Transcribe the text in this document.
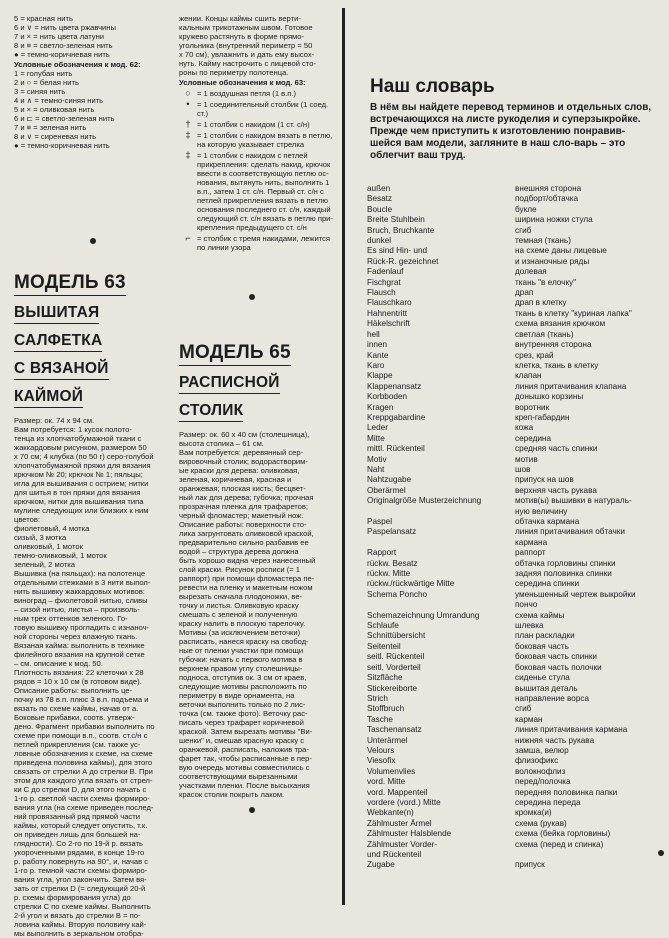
5 = красная нить
6 и ∨ = нить цвета ржавчины
7 и × = нить цвета латуни
8 и ≡ = светло-зеленая нить
● = темно-коричневая нить
Условные обозначения к мод. 62:
1 = голубая нить
2 и ○ = белая нить
3 = синяя нить
4 и ∧ = темно-синяя нить
5 и × = оливковая нить
6 и ⊏ = светло-зеленая нить
7 и ≡ = зеленая нить
8 и ∨ = сиреневая нить
● = темно-коричневая нить
МОДЕЛЬ 63
ВЫШИТАЯ
САЛФЕТКА
С ВЯЗАНОЙ
КАЙМОЙ
Размер: ок. 74 х 94 см.
Вам потребуется: 1 кусок полото-
тенца из хлопчатобумажной ткани с
жаккардовым рисунком, размером 50
х 70 см; 4 клубка (по 50 г) серо-голубой
хлопчатобумажной пряжи для вязания
крючком № 20; крючок № 1; пяльцы;
игла для вышивания с острием; нитки
для шитья в тон пряжи для вязания
крючком, нитки для вышивания типа
мулине следующих или близких к ним
цветов:
фиолетовый, 4 мотка
сизый, 3 мотка
оливковый, 1 моток
темно-оливковый, 1 моток
зеленый, 2 мотка
Вышивка (на пяльцах): на полотенце
отдельными стежками в 3 нити выпол-
нить вышивку жаккардовых мотивов:
виноград – фиолетовой нитью, сливы
– сизой нитью, листья – произволь-
ным трех оттенков зеленого. Го-
товую вышивку прогладить с изнаноч-
ной стороны через влажную ткань.
Вязаная кайма: выполнить в технике
филейного вязания на крупной сетке
– см. описание к мод. 50.
Плотность вязания: 22 клеточки х 28
рядов = 10 х 10 см (в готовом виде).
Описание работы: выполнить це-
почку из 78 в.п. плюс 3 в.п. подъема и
вязать по схеме каймы, начав от а.
Боковые прибавки, соотв. утверж-
дено. Фрагмент прибавки выполнить по
схеме при помощи в.п., соотв. ст.с/н с
петлей прикрепления (см. также ус-
ловные обозначения к схеме, на схеме
приведена половина каймы), для этого
связать от стрелки А до стрелки В. При
этом для каждого угла вязать от стрел-
ки С до стрелки D, для этого начать с
1-го р. светлой части схемы формиро-
вания угла (на схеме приведен послед-
ний провязанный ряд прямой части
каймы, который следует опустить, т.к.
он приведен лишь для большей на-
глядности). Со 2-го по 19-й р. вязать
укороченными рядами, в конце 19-го
р. работу повернуть на 90°, и, начав с
1-го р. темной части схемы формиро-
вания угла, угол закончить. Затем вя-
зать от стрелки D (= следующий 20-й
р. схемы формирования угла) до
стрелки С по схеме каймы. Выполнить
2-й угол и вязать до стрелки В = по-
ловина каймы. Вторую половину кай-
мы выполнить в зеркальном отобра-
жении. Концы каймы сшить верти-
кальным трикотажным швом. Готовое
кружево растянуть в форме прямо-
угольника (внутренний периметр = 50
х 70 см), увлажнить и дать ему высох-
нуть. Кайму настрочить с лицевой сто-
роны по периметру полотенца.
Условные обозначения к мод. 63:
○ = 1 воздушная петля (1 в.п.)
• = 1 соединительный столбик (1 соед. ст.)
† = 1 столбик с накидом (1 ст. с/н)
‡ = 1 столбик с накидом вязать в петлю, на которую указывает стрелка
‡ = 1 столбик с накидом с петлей прикрепления: сделать накид, крючок ввести в соответствующую петлю ос-нования, вытянуть нить, выполнить 1 в.п., затем 1 ст. с/н. Первый ст. с/н с петлей прикрепления вязать в петлю основания последнего ст. с/н, каждый следующий ст. с/н вязать в петлю при-крепления предыдущего ст. с/н
⌐ = столбик с тремя накидами, лежится по линии узора
МОДЕЛЬ 65
РАСПИСНОЙ
СТОЛИК
Размер: ок. 60 х 40 см (столешница),
высота столика – 61 см.
Вам потребуется: деревянный сер-
вировочный столик; водорастворим-
ые краски для дерева: оливковая,
зеленая, коричневая, красная и
оранжевая; плоская кисть; бесцвет-
ный лак для дерева; губочка; прочная
прозрачная пленка для трафаретов;
черный фломастер; макетный нож.
Описание работы: поверхности сто-
лика загрунтовать оливковой краской,
предварительно сильно разбавив ее
водой – структура дерева должна
быть хорошо видна через нанесенный
слой краски. Рисунок росписи (= 1
раппорт) при помощи фломастера пе-
ревести на пленку и макетным ножом
вырезать сначала плодоножки, ве-
точку и листья. Оливковую краску
смешать с зеленой и полученную
краску налить в плоскую тарелочку.
Мотивы (за исключением веточки)
расписать, нанеся краску на свобод-
ные от пленки участки при помощи
губочки: начать с первого мотива в
верхнем правом углу столешницы-
подноса, отступив ок. 3 см от краев,
следующие мотивы расположить по
периметру в виде орнамента, на
веточки выполнить только по 2 лис-
точка (см. также фото). Веточку рас-
писать через трафарет коричневой
краской. Затем вырезать мотивы "Ви-
шенки" и, смешав красную краску с
оранжевой, расписать, наложив тра-
фарет так, чтобы расписанные в пер-
вую очередь мотивы совместились с
соответствующими вырезанными
участками пленки. После высыхания
красок столик покрыть лаком.
Наш словарь
В нём вы найдете перевод терминов и отдельных слов, встречающихся на листе рукоделия и суперзыкройке. Прежде чем приступить к изготовлению понравив-шейся вам модели, загляните в наш сло-варь – это облегчит ваш труд.
außen	внешняя сторона
Besatz	подборт/обтачка
Boucle	букле
Breite Stuhlbein	ширина ножки стула
Bruch, Bruchkante	сгиб
dunkel	темная (ткань)
Es sind Hin- und	на схеме даны лицевые
Rück-R. gezeichnet	и изнаночные ряды
Fadenlauf	долевая
Fischgrat	ткань "в елочку"
Flausch	драп
Flauschkaro	драп в клетку
Hahnentritt	ткань в клетку "куриная лапка"
Häkelschrift	схема вязания крючком
hell	светлая (ткань)
innen	внутренняя сторона
Kante	срез, край
Karo	клетка, ткань в клетку
Klappe	клапан
Klappenansatz	линия притачивания клапана
Korbboden	донышко корзины
Kragen	воротник
Kreppgabardine	креп-габардин
Leder	кожа
Mitte	середина
mittl. Rückenteil	средняя часть спинки
Motiv	мотив
Naht	шов
Nahtzugabe	припуск на шов
Oberärmel	верхняя часть рукава
Originalgröße Musterzeichnung	мотив(ы) вышивки в натураль-
ную величину
Paspel	обтачка кармана
Paspelansatz	линия притачивания обтачки
кармана
Rapport	раппорт
rückw. Besatz	обтачка горловины спинки
rückw. Mitte	задняя половинка спинки
rückw./rückwärtige Mitte	середина спинки
Schema Poncho	уменьшенный чертеж выкройки
пончо
Schemazeichnung Umrandung	схема каймы
Schlaufe	шлевка
Schnittübersicht	план раскладки
Seitenteil	боковая часть
seitl. Rückenteil	боковая часть спинки
seitl. Vorderteil	боковая часть полочки
Sitzfläche	сиденье стула
Stickereiborte	вышитая деталь
Strich	направление ворса
Stoffbruch	сгиб
Tasche	карман
Taschenansatz	линия притачивания кармана
Unterärmel	нижняя часть рукава
Velours	замша, велюр
Viesofix	флизофикс
Volumenvlies	волокнофлиз
vord. Mitte	перед/полочка
vord. Mappenteil	передняя половинка папки
vordere (vord.) Mitte	середина переда
Webkante(n)	кромка(и)
Zählmuster Ärmel	схема (рукав)
Zählmuster Halsblende	схема (бейка горловины)
Zählmuster Vorder-	схема (перед и спинка)
und Rückenteil
Zugabe	припуск
